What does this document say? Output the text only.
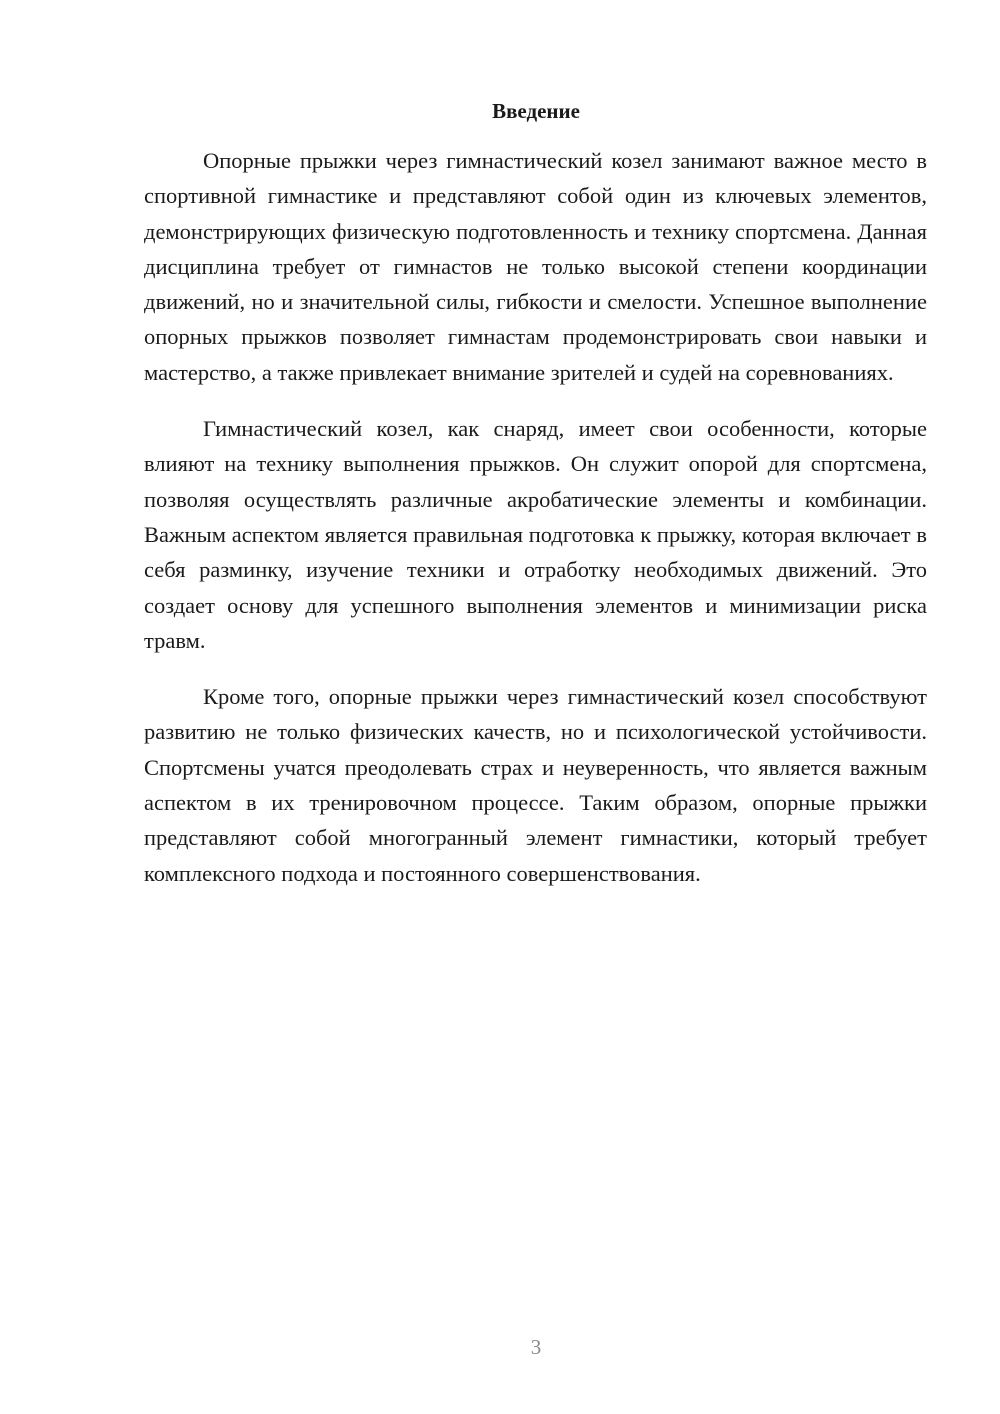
Введение

Опорные прыжки через гимнастический козел занимают важное место в спортивной гимнастике и представляют собой один из ключевых элементов, демонстрирующих физическую подготовленность и технику спортсмена. Данная дисциплина требует от гимнастов не только высокой степени координации движений, но и значительной силы, гибкости и смелости. Успешное выполнение опорных прыжков позволяет гимнастам продемонстрировать свои навыки и мастерство, а также привлекает внимание зрителей и судей на соревнованиях.

Гимнастический козел, как снаряд, имеет свои особенности, которые влияют на технику выполнения прыжков. Он служит опорой для спортсмена, позволяя осуществлять различные акробатические элементы и комбинации. Важным аспектом является правильная подготовка к прыжку, которая включает в себя разминку, изучение техники и отработку необходимых движений. Это создает основу для успешного выполнения элементов и минимизации риска травм.

Кроме того, опорные прыжки через гимнастический козел способствуют развитию не только физических качеств, но и психологической устойчивости. Спортсмены учатся преодолевать страх и неуверенность, что является важным аспектом в их тренировочном процессе. Таким образом, опорные прыжки представляют собой многогранный элемент гимнастики, который требует комплексного подхода и постоянного совершенствования.

3
